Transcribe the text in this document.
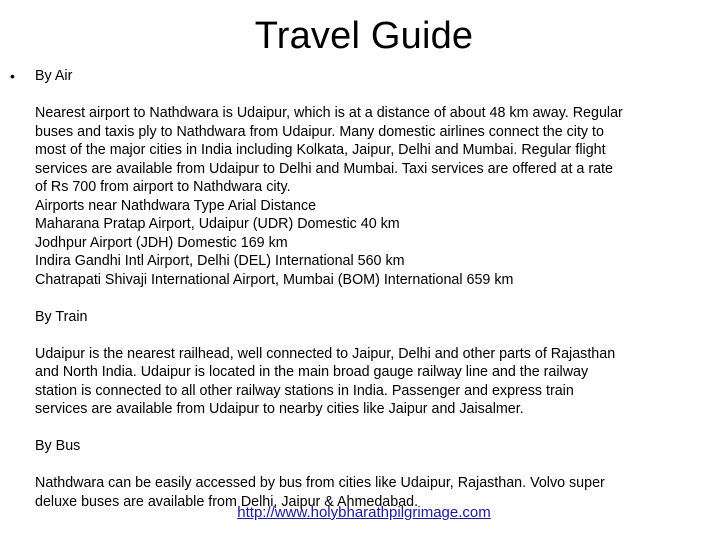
Travel Guide
• By Air
Nearest airport to Nathdwara is Udaipur, which is at a distance of about 48 km away. Regular
buses and taxis ply to Nathdwara from Udaipur. Many domestic airlines connect the city to
most of the major cities in India including Kolkata, Jaipur, Delhi and Mumbai. Regular flight
services are available from Udaipur to Delhi and Mumbai. Taxi services are offered at a rate
of Rs 700 from airport to Nathdwara city.
Airports near Nathdwara Type Arial Distance
Maharana Pratap Airport, Udaipur (UDR) Domestic 40 km
Jodhpur Airport (JDH) Domestic 169 km
Indira Gandhi Intl Airport, Delhi (DEL) International 560 km
Chatrapati Shivaji International Airport, Mumbai (BOM) International 659 km
By Train
Udaipur is the nearest railhead, well connected to Jaipur, Delhi and other parts of Rajasthan
and North India. Udaipur is located in the main broad gauge railway line and the railway
station is connected to all other railway stations in India. Passenger and express train
services are available from Udaipur to nearby cities like Jaipur and Jaisalmer.
By Bus
Nathdwara can be easily accessed by bus from cities like Udaipur, Rajasthan. Volvo super
deluxe buses are available from Delhi, Jaipur & Ahmedabad.
http://www.holybharathpilgrimage.com
